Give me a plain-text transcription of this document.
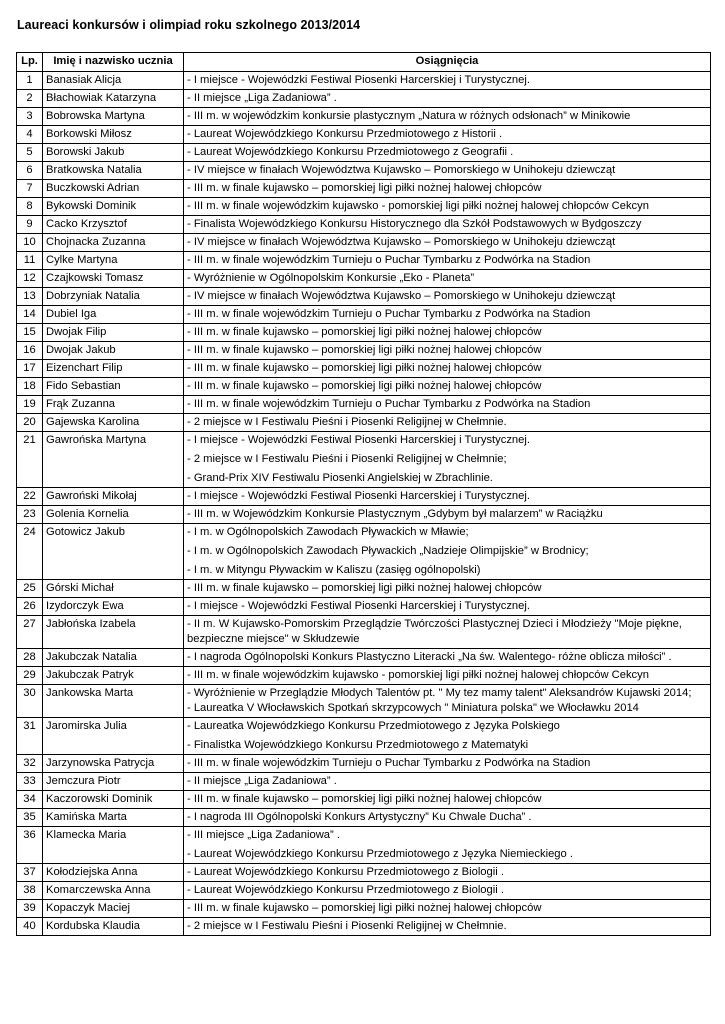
Laureaci konkursów i olimpiad roku szkolnego 2013/2014
Lp.	Imię i nazwisko ucznia	Osiągnięcia
1	Banasiak Alicja	- I miejsce - Wojewódzki Festiwal Piosenki Harcerskiej i Turystycznej.

2	Błachowiak Katarzyna	- II miejsce „Liga Zadaniowa” .

3	Bobrowska Martyna	- III m. w wojewódzkim konkursie plastycznym „Natura w różnych odsłonach” w Minikowie

4	Borkowski Miłosz	- Laureat Wojewódzkiego Konkursu Przedmiotowego z Historii .

5	Borowski Jakub	- Laureat Wojewódzkiego Konkursu Przedmiotowego z Geografii .

6	Bratkowska Natalia	- IV miejsce w finałach Województwa Kujawsko – Pomorskiego w Unihokeju dziewcząt

7	Buczkowski Adrian	- III m. w finale kujawsko – pomorskiej ligi piłki nożnej halowej chłopców

8	Bykowski Dominik	- III m. w finale wojewódzkim kujawsko - pomorskiej ligi piłki nożnej halowej chłopców Cekcyn

9	Cacko Krzysztof	- Finalista Wojewódzkiego Konkursu Historycznego dla Szkół Podstawowych w Bydgoszczy

10	Chojnacka Zuzanna	- IV miejsce w finałach Województwa Kujawsko – Pomorskiego w Unihokeju dziewcząt

11	Cylke Martyna	- III m. w finale wojewódzkim Turnieju o Puchar Tymbarku z Podwórka na Stadion

12	Czajkowski Tomasz	- Wyróżnienie w Ogólnopolskim Konkursie „Eko - Planeta”

13	Dobrzyniak Natalia	- IV miejsce w finałach Województwa Kujawsko – Pomorskiego w Unihokeju dziewcząt

14	Dubiel Iga	- III m. w finale wojewódzkim Turnieju o Puchar Tymbarku z Podwórka na Stadion

15	Dwojak Filip	- III m. w finale kujawsko – pomorskiej ligi piłki nożnej halowej chłopców

16	Dwojak Jakub	- III m. w finale kujawsko – pomorskiej ligi piłki nożnej halowej chłopców

17	Eizenchart Filip	- III m. w finale kujawsko – pomorskiej ligi piłki nożnej halowej chłopców

18	Fido Sebastian	- III m. w finale kujawsko – pomorskiej ligi piłki nożnej halowej chłopców

19	Frąk Zuzanna	- III m. w finale wojewódzkim Turnieju o Puchar Tymbarku z Podwórka na Stadion

20	Gajewska Karolina	- 2 miejsce w I Festiwalu Pieśni i Piosenki Religijnej w Chełmnie.

21	Gawrońska Martyna	- I miejsce - Wojewódzki Festiwal Piosenki Harcerskiej i Turystycznej.
- 2 miejsce w I Festiwalu Pieśni i Piosenki Religijnej w Chełmnie;
- Grand-Prix XIV Festiwalu Piosenki Angielskiej w Zbrachlinie.

22	Gawroński Mikołaj	- I miejsce - Wojewódzki Festiwal Piosenki Harcerskiej i Turystycznej.

23	Golenia Kornelia	- III m. w Wojewódzkim Konkursie Plastycznym „Gdybym był malarzem” w Raciążku

24	Gotowicz Jakub	- I m. w Ogólnopolskich Zawodach Pływackich w Mławie;
- I m. w Ogólnopolskich Zawodach Pływackich „Nadzieje Olimpijskie” w Brodnicy;
- I m. w Mityngu Pływackim w Kaliszu (zasięg ogólnopolski)

25	Górski Michał	- III m. w finale kujawsko – pomorskiej ligi piłki nożnej halowej chłopców

26	Izydorczyk Ewa	- I miejsce - Wojewódzki Festiwal Piosenki Harcerskiej i Turystycznej.

27	Jabłońska Izabela	- II m. W Kujawsko-Pomorskim Przeglądzie Twórczości Plastycznej Dzieci i Młodzieży "Moje piękne, bezpieczne miejsce" w Skłudzewie

28	Jakubczak Natalia	- I nagroda Ogólnopolski Konkurs Plastyczno Literacki „Na św. Walentego- różne oblicza miłości” .

29	Jakubczak Patryk	- III m. w finale wojewódzkim kujawsko - pomorskiej ligi piłki nożnej halowej chłopców Cekcyn

30	Jankowska Marta	- Wyróżnienie w Przeglądzie Młodych Talentów pt. " My tez mamy talent" Aleksandrów Kujawski 2014;
- Laureatka V Włocławskich Spotkań skrzypcowych " Miniatura polska" we Włocławku 2014

31	Jaromirska Julia	- Laureatka Wojewódzkiego Konkursu Przedmiotowego z Języka Polskiego
- Finalistka Wojewódzkiego Konkursu Przedmiotowego z Matematyki

32	Jarzynowska Patrycja	- III m. w finale wojewódzkim Turnieju o Puchar Tymbarku z Podwórka na Stadion

33	Jemczura Piotr	- II miejsce „Liga Zadaniowa” .

34	Kaczorowski Dominik	- III m. w finale kujawsko – pomorskiej ligi piłki nożnej halowej chłopców

35	Kamińska Marta	- I nagroda III Ogólnopolski Konkurs Artystyczny” Ku Chwale Ducha” .

36	Klamecka Maria	- III miejsce „Liga Zadaniowa” .
- Laureat Wojewódzkiego Konkursu Przedmiotowego z Języka Niemieckiego .

37	Kołodziejska Anna	- Laureat Wojewódzkiego Konkursu Przedmiotowego z Biologii .

38	Komarczewska Anna	- Laureat Wojewódzkiego Konkursu Przedmiotowego z Biologii .

39	Kopaczyk Maciej	- III m. w finale kujawsko – pomorskiej ligi piłki nożnej halowej chłopców

40	Kordubska Klaudia	- 2 miejsce w I Festiwalu Pieśni i Piosenki Religijnej w Chełmnie.
